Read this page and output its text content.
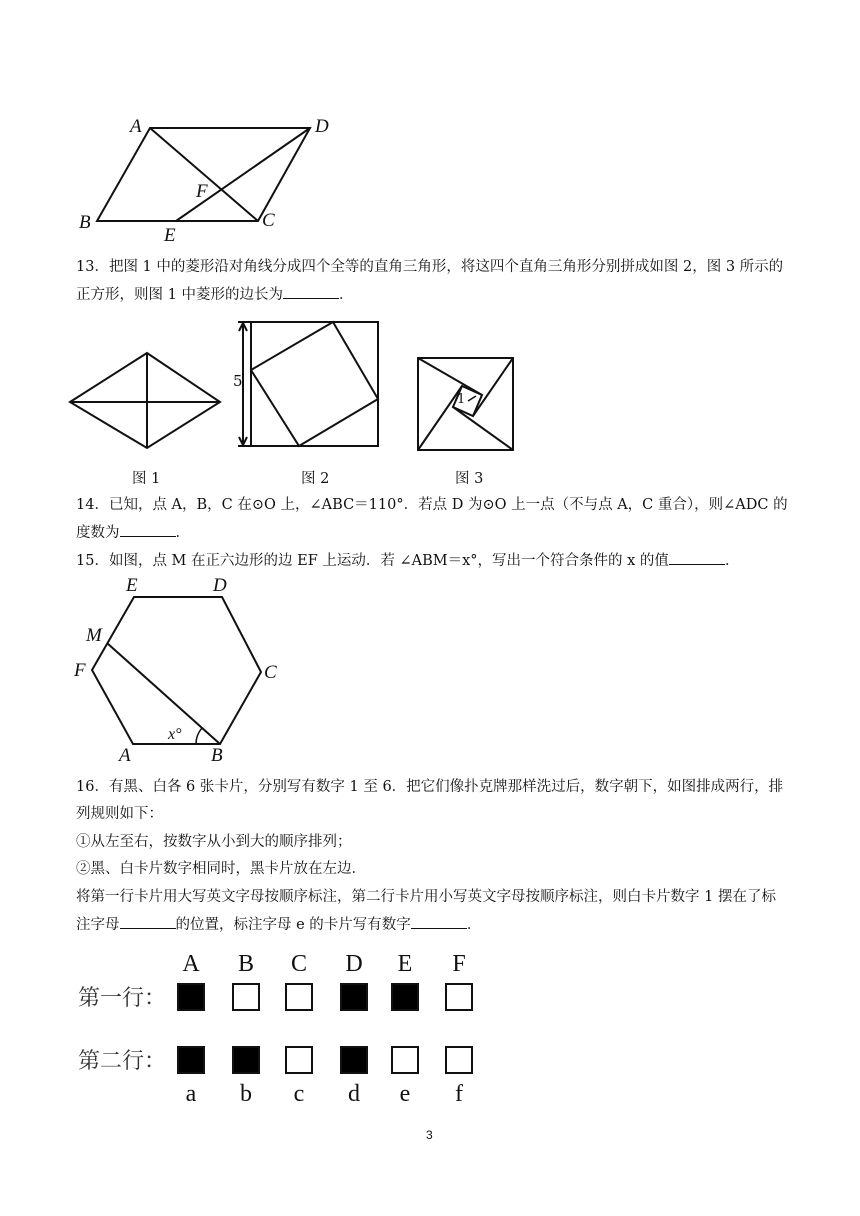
A	D
F
B	C
E
13．把图 1 中的菱形沿对角线分成四个全等的直角三角形，将这四个直角三角形分别拼成如图 2，图 3 所示的
正方形，则图 1 中菱形的边长为	．
5
1
图 1	图 2	图 3
14．已知，点 A，B，C 在⊙O 上，∠ABC＝110°．若点 D 为⊙O 上一点（不与点 A，C 重合），则∠ADC 的
度数为	．
15．如图，点 M 在正六边形的边 EF 上运动．若 ∠ABM＝x°，写出一个符合条件的 x 的值	．
E	D
M
F	C
A	B
x°
16．有黑、白各 6 张卡片，分别写有数字 1 至 6．把它们像扑克牌那样洗过后，数字朝下，如图排成两行，排
列规则如下：
①从左至右，按数字从小到大的顺序排列；
②黑、白卡片数字相同时，黑卡片放在左边．
将第一行卡片用大写英文字母按顺序标注，第二行卡片用小写英文字母按顺序标注，则白卡片数字 1 摆在了标
注字母	的位置，标注字母 e 的卡片写有数字	．
第一行：
第二行：
A B C D E	F
a	b	c	d	e	f
3
